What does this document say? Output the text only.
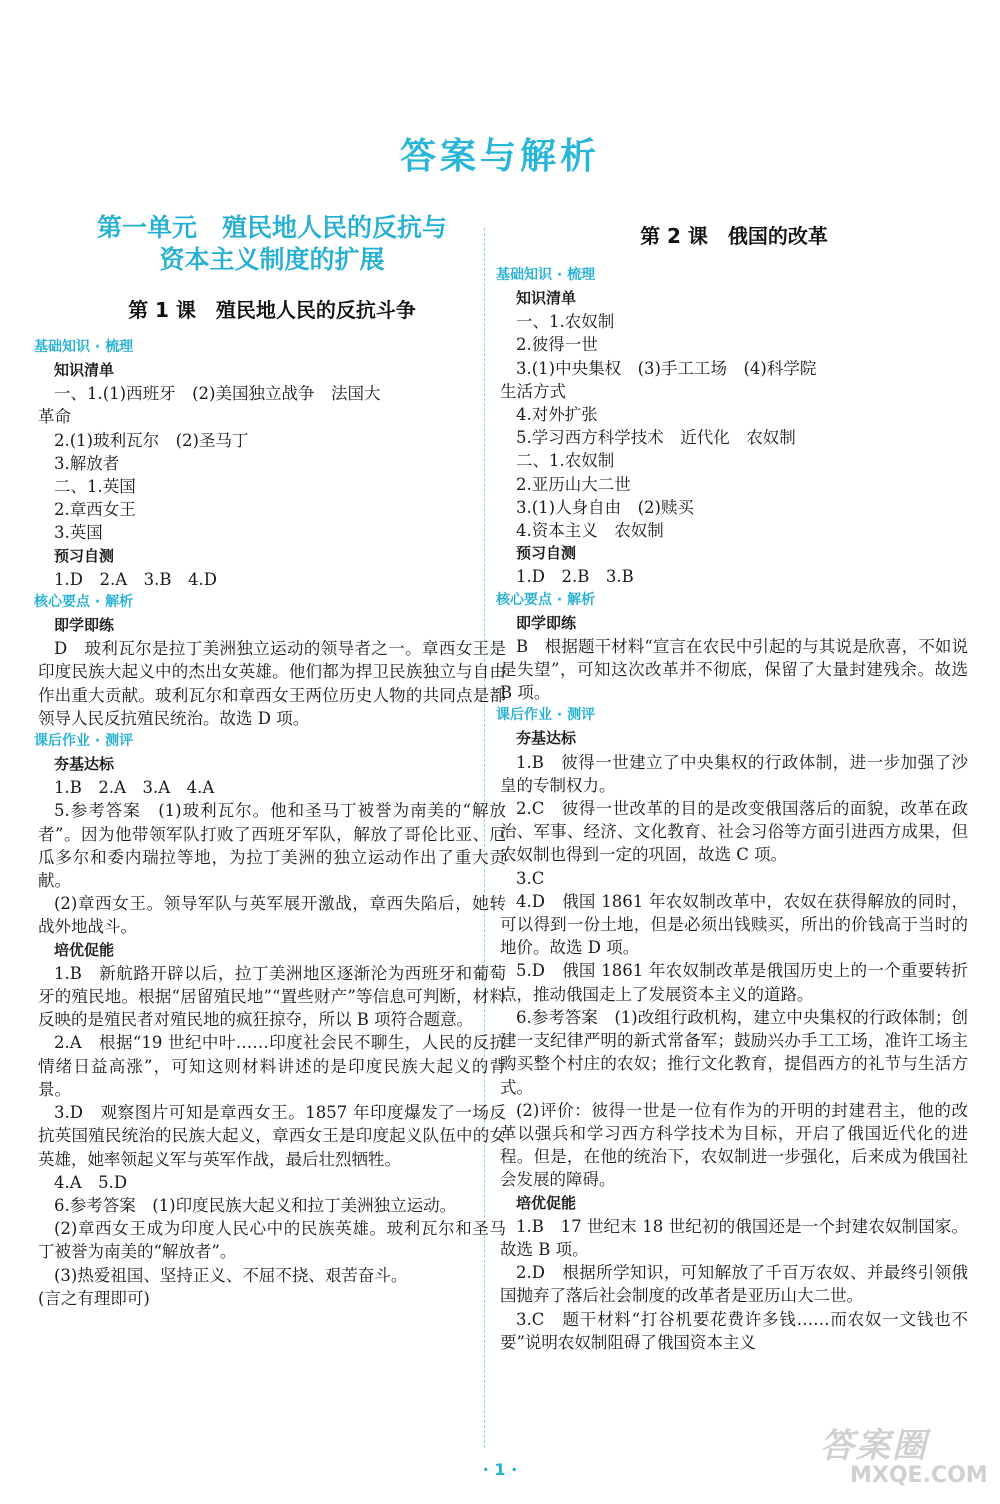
答案与解析
第一单元　殖民地人民的反抗与
资本主义制度的扩展
第 1 课　殖民地人民的反抗斗争
基础知识 · 梳理
知识清单
一、1.(1)西班牙　(2)美国独立战争　法国大
革命
2.(1)玻利瓦尔　(2)圣马丁
3.解放者
二、1.英国
2.章西女王
3.英国
预习自测
1.D　2.A　3.B　4.D
核心要点 · 解析
即学即练
D　玻利瓦尔是拉丁美洲独立运动的领导者之一。章西女王是印度民族大起义中的杰出女英雄。他们都为捍卫民族独立与自由作出重大贡献。玻利瓦尔和章西女王两位历史人物的共同点是都领导人民反抗殖民统治。故选 D 项。
课后作业 · 测评
夯基达标
1.B　2.A　3.A　4.A
5.参考答案　(1)玻利瓦尔。他和圣马丁被誉为南美的“解放者”。因为他带领军队打败了西班牙军队，解放了哥伦比亚、厄瓜多尔和委内瑞拉等地，为拉丁美洲的独立运动作出了重大贡献。
(2)章西女王。领导军队与英军展开激战，章西失陷后，她转战外地战斗。
培优促能
1.B　新航路开辟以后，拉丁美洲地区逐渐沦为西班牙和葡萄牙的殖民地。根据“居留殖民地”“置些财产”等信息可判断，材料反映的是殖民者对殖民地的疯狂掠夺，所以 B 项符合题意。
2.A　根据“19 世纪中叶……印度社会民不聊生，人民的反抗情绪日益高涨”，可知这则材料讲述的是印度民族大起义的背景。
3.D　观察图片可知是章西女王。1857 年印度爆发了一场反抗英国殖民统治的民族大起义，章西女王是印度起义队伍中的女英雄，她率领起义军与英军作战，最后壮烈牺牲。
4.A　5.D
6.参考答案　(1)印度民族大起义和拉丁美洲独立运动。
(2)章西女王成为印度人民心中的民族英雄。玻利瓦尔和圣马丁被誉为南美的“解放者”。
(3)热爱祖国、坚持正义、不屈不挠、艰苦奋斗。
(言之有理即可)
第 2 课　俄国的改革
基础知识 · 梳理
知识清单
一、1.农奴制
2.彼得一世
3.(1)中央集权　(3)手工工场　(4)科学院
生活方式
4.对外扩张
5.学习西方科学技术　近代化　农奴制
二、1.农奴制
2.亚历山大二世
3.(1)人身自由　(2)赎买
4.资本主义　农奴制
预习自测
1.D　2.B　3.B
核心要点 · 解析
即学即练
B　根据题干材料“宣言在农民中引起的与其说是欣喜，不如说是失望”，可知这次改革并不彻底，保留了大量封建残余。故选 B 项。
课后作业 · 测评
夯基达标
1.B　彼得一世建立了中央集权的行政体制，进一步加强了沙皇的专制权力。
2.C　彼得一世改革的目的是改变俄国落后的面貌，改革在政治、军事、经济、文化教育、社会习俗等方面引进西方成果，但农奴制也得到一定的巩固，故选 C 项。
3.C
4.D　俄国 1861 年农奴制改革中，农奴在获得解放的同时，可以得到一份土地，但是必须出钱赎买，所出的价钱高于当时的地价。故选 D 项。
5.D　俄国 1861 年农奴制改革是俄国历史上的一个重要转折点，推动俄国走上了发展资本主义的道路。
6.参考答案　(1)改组行政机构，建立中央集权的行政体制；创建一支纪律严明的新式常备军；鼓励兴办手工工场，准许工场主购买整个村庄的农奴；推行文化教育，提倡西方的礼节与生活方式。
(2)评价：彼得一世是一位有作为的开明的封建君主，他的改革以强兵和学习西方科学技术为目标，开启了俄国近代化的进程。但是，在他的统治下，农奴制进一步强化，后来成为俄国社会发展的障碍。
培优促能
1.B　17 世纪末 18 世纪初的俄国还是一个封建农奴制国家。故选 B 项。
2.D　根据所学知识，可知解放了千百万农奴、并最终引领俄国抛弃了落后社会制度的改革者是亚历山大二世。
3.C　题干材料“打谷机要花费许多钱……而农奴一文钱也不要”说明农奴制阻碍了俄国资本主义
· 1 ·
答案圈
MXQE.COM
